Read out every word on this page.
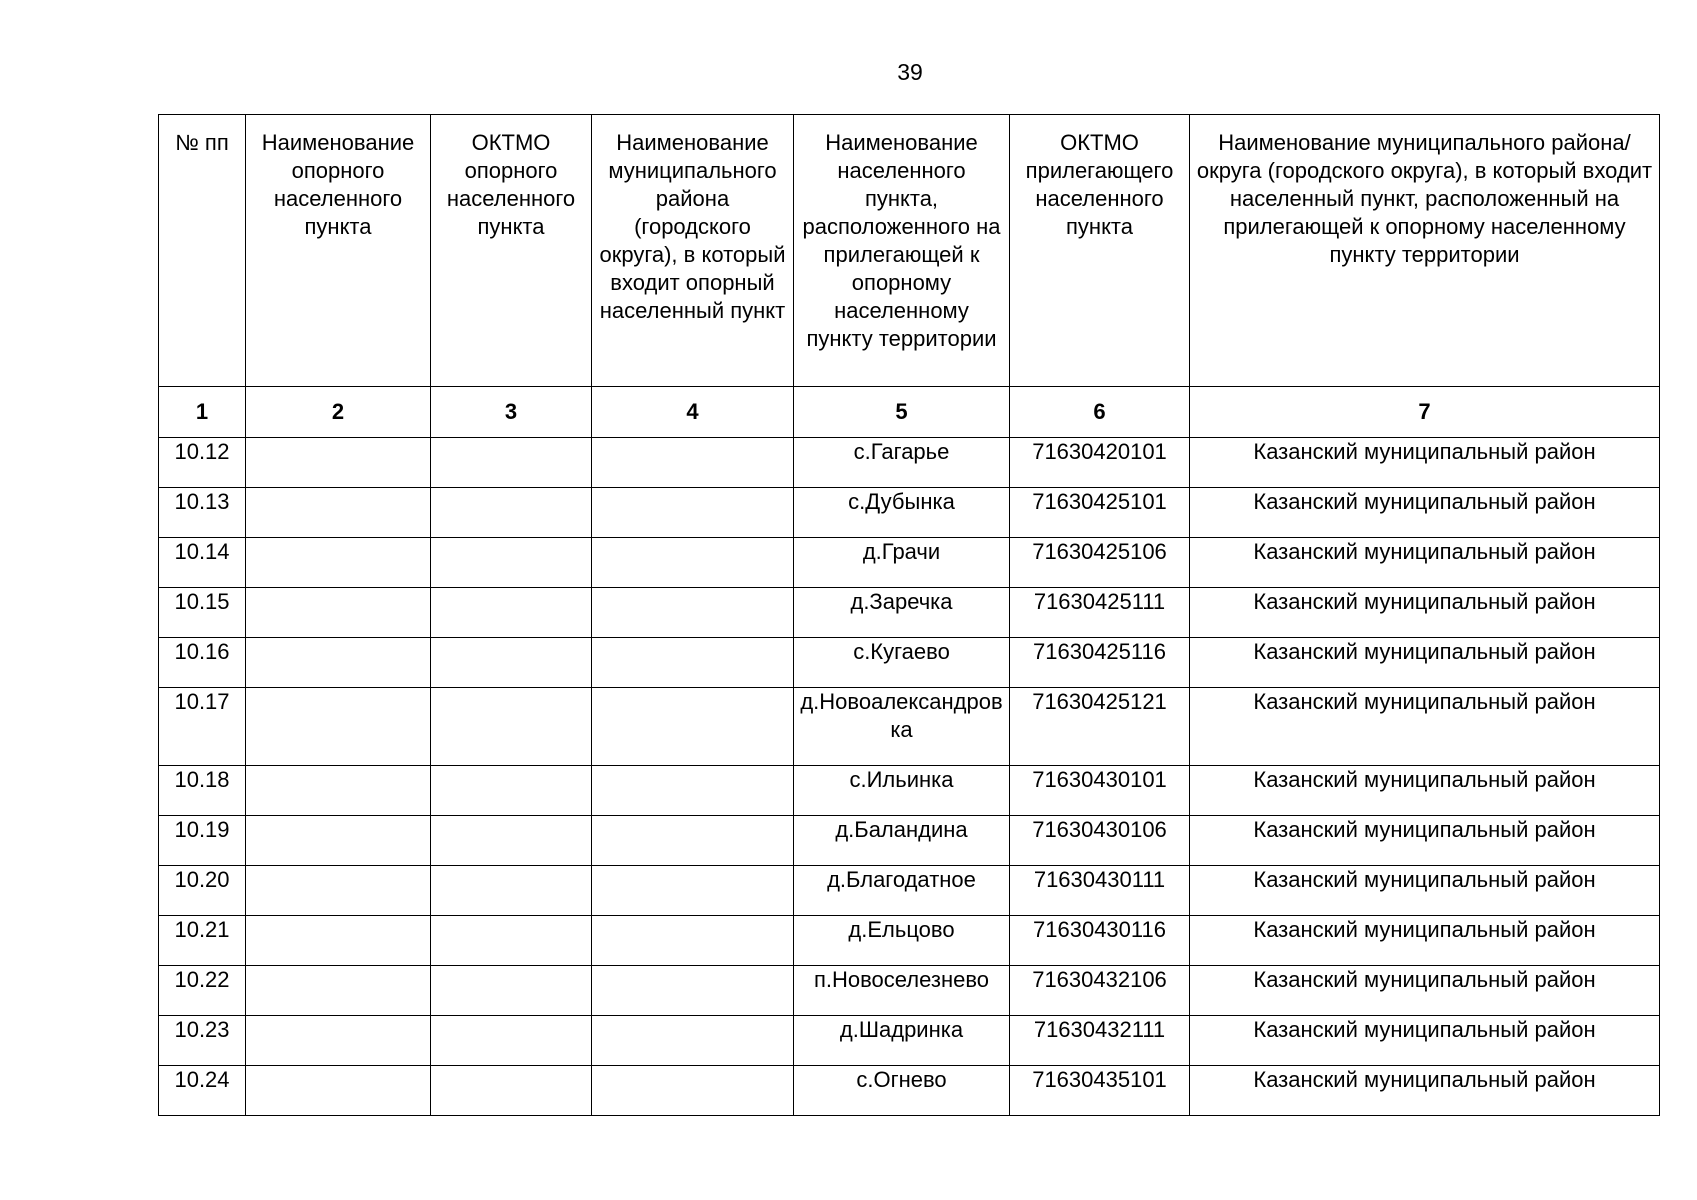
39
№ пп	Наименование опорного населенного пункта	ОКТМО опорного населенного пункта	Наименование муниципального района (городского округа), в который входит опорный населенный пункт	Наименование населенного пункта, расположенного на прилегающей к опорному населенному пункту территории	ОКТМО прилегающего населенного пункта	Наименование муниципального района/округа (городского округа), в который входит населенный пункт, расположенный на прилегающей к опорному населенному пункту территории
1	2	3	4	5	6	7
10.12				с.Гагарье	71630420101	Казанский муниципальный район
10.13				с.Дубынка	71630425101	Казанский муниципальный район
10.14				д.Грачи	71630425106	Казанский муниципальный район
10.15				д.Заречка	71630425111	Казанский муниципальный район
10.16				с.Кугаево	71630425116	Казанский муниципальный район
10.17				д.Новоалександровка	71630425121	Казанский муниципальный район
10.18				с.Ильинка	71630430101	Казанский муниципальный район
10.19				д.Баландина	71630430106	Казанский муниципальный район
10.20				д.Благодатное	71630430111	Казанский муниципальный район
10.21				д.Ельцово	71630430116	Казанский муниципальный район
10.22				п.Новоселезнево	71630432106	Казанский муниципальный район
10.23				д.Шадринка	71630432111	Казанский муниципальный район
10.24				с.Огнево	71630435101	Казанский муниципальный район
